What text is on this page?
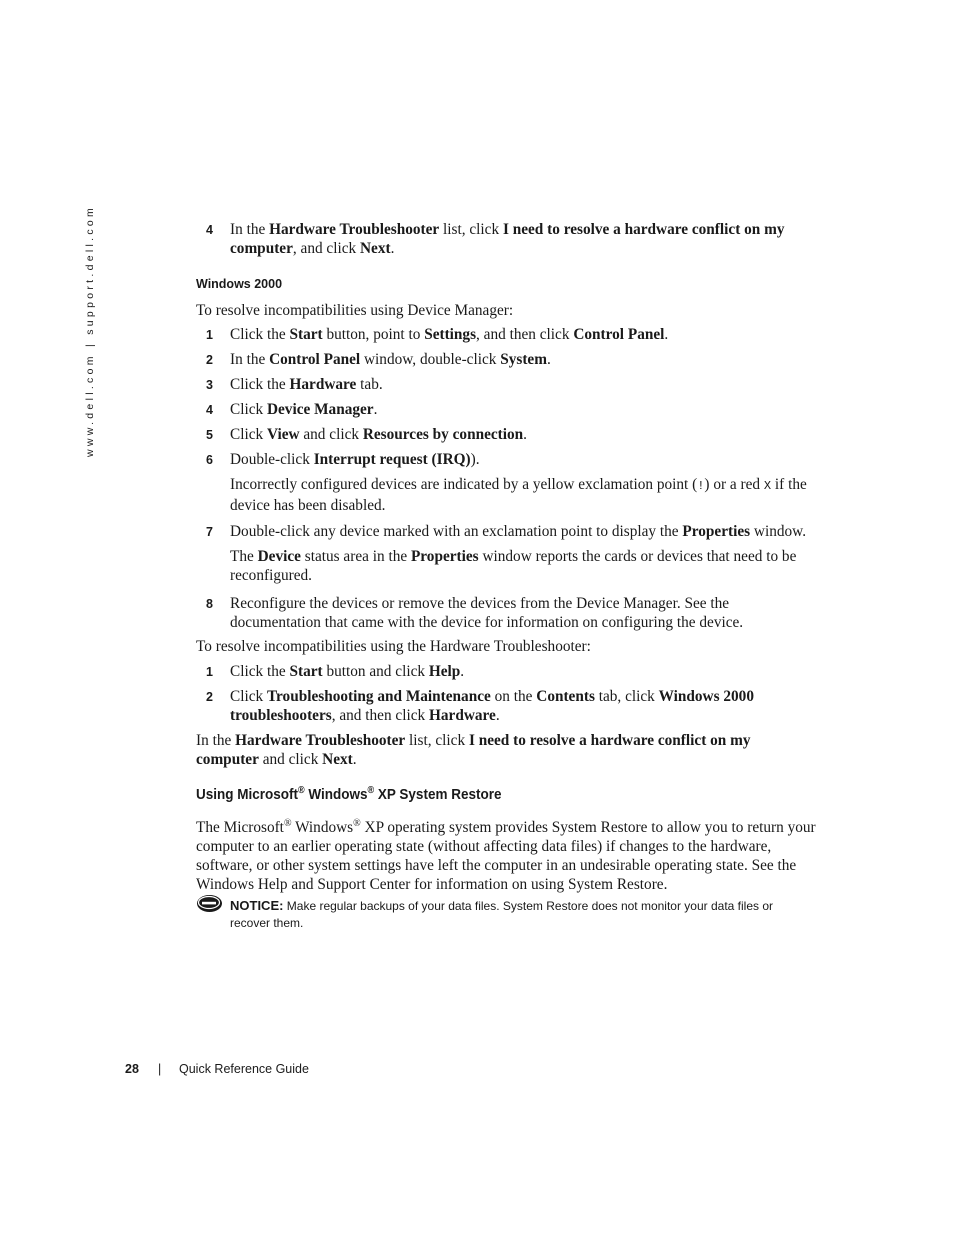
www.dell.com | support.dell.com	4 In the Hardware Troubleshooter list, click I need to resolve a hardware conflict on my computer, and click Next.
Windows 2000
To resolve incompatibilities using Device Manager:
1 Click the Start button, point to Settings, and then click Control Panel.
2 In the Control Panel window, double-click System.
3 Click the Hardware tab.
4 Click Device Manager.
5 Click View and click Resources by connection.
6 Double-click Interrupt request (IRQ)).
Incorrectly configured devices are indicated by a yellow exclamation point (!) or a red X if the device has been disabled.
7 Double-click any device marked with an exclamation point to display the Properties window.
The Device status area in the Properties window reports the cards or devices that need to be reconfigured.
8 Reconfigure the devices or remove the devices from the Device Manager. See the documentation that came with the device for information on configuring the device.
To resolve incompatibilities using the Hardware Troubleshooter:
1 Click the Start button and click Help.
2 Click Troubleshooting and Maintenance on the Contents tab, click Windows 2000 troubleshooters, and then click Hardware.
In the Hardware Troubleshooter list, click I need to resolve a hardware conflict on my computer and click Next.
Using Microsoft® Windows® XP System Restore
The Microsoft® Windows® XP operating system provides System Restore to allow you to return your computer to an earlier operating state (without affecting data files) if changes to the hardware, software, or other system settings have left the computer in an undesirable operating state. See the Windows Help and Support Center for information on using System Restore.
NOTICE: Make regular backups of your data files. System Restore does not monitor your data files or recover them.
28 | Quick Reference Guide
